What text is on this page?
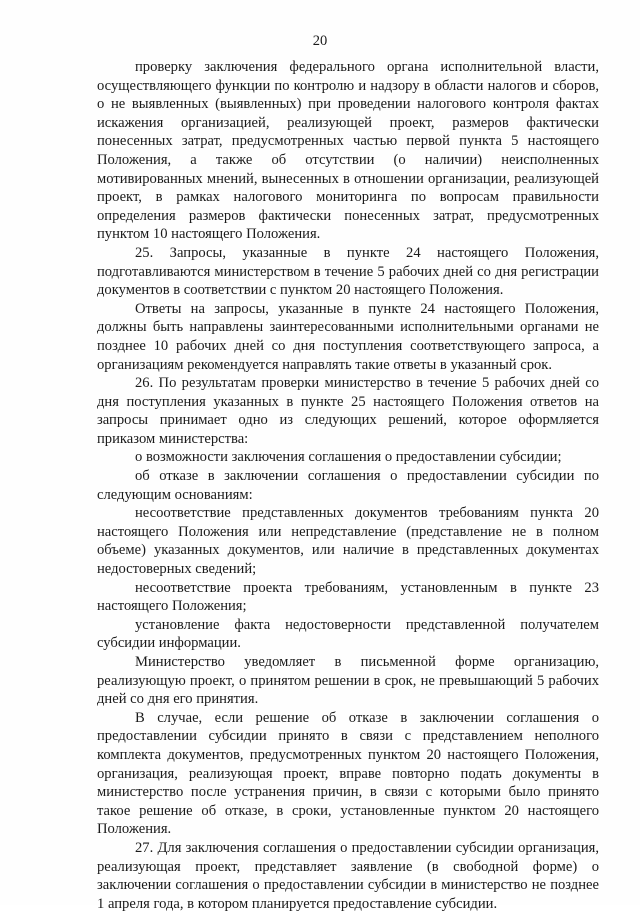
20

проверку заключения федерального органа исполнительной власти, осуществляющего функции по контролю и надзору в области налогов и сборов, о не выявленных (выявленных) при проведении налогового контроля фактах искажения организацией, реализующей проект, размеров фактически понесенных затрат, предусмотренных частью первой пункта 5 настоящего Положения, а также об отсутствии (о наличии) неисполненных мотивированных мнений, вынесенных в отношении организации, реализующей проект, в рамках налогового мониторинга по вопросам правильности определения размеров фактически понесенных затрат, предусмотренных пунктом 10 настоящего Положения.

25. Запросы, указанные в пункте 24 настоящего Положения, подготавливаются министерством в течение 5 рабочих дней со дня регистрации документов в соответствии с пунктом 20 настоящего Положения.

Ответы на запросы, указанные в пункте 24 настоящего Положения, должны быть направлены заинтересованными исполнительными органами не позднее 10 рабочих дней со дня поступления соответствующего запроса, а организациям рекомендуется направлять такие ответы в указанный срок.

26. По результатам проверки министерство в течение 5 рабочих дней со дня поступления указанных в пункте 25 настоящего Положения ответов на запросы принимает одно из следующих решений, которое оформляется приказом министерства:

о возможности заключения соглашения о предоставлении субсидии;

об отказе в заключении соглашения о предоставлении субсидии по следующим основаниям:

несоответствие представленных документов требованиям пункта 20 настоящего Положения или непредставление (представление не в полном объеме) указанных документов, или наличие в представленных документах недостоверных сведений;

несоответствие проекта требованиям, установленным в пункте 23 настоящего Положения;

установление факта недостоверности представленной получателем субсидии информации.

Министерство уведомляет в письменной форме организацию, реализующую проект, о принятом решении в срок, не превышающий 5 рабочих дней со дня его принятия.

В случае, если решение об отказе в заключении соглашения о предоставлении субсидии принято в связи с представлением неполного комплекта документов, предусмотренных пунктом 20 настоящего Положения, организация, реализующая проект, вправе повторно подать документы в министерство после устранения причин, в связи с которыми было принято такое решение об отказе, в сроки, установленные пунктом 20 настоящего Положения.

27. Для заключения соглашения о предоставлении субсидии организация, реализующая проект, представляет заявление (в свободной форме) о заключении соглашения о предоставлении субсидии в министерство не позднее 1 апреля года, в котором планируется предоставление субсидии.
